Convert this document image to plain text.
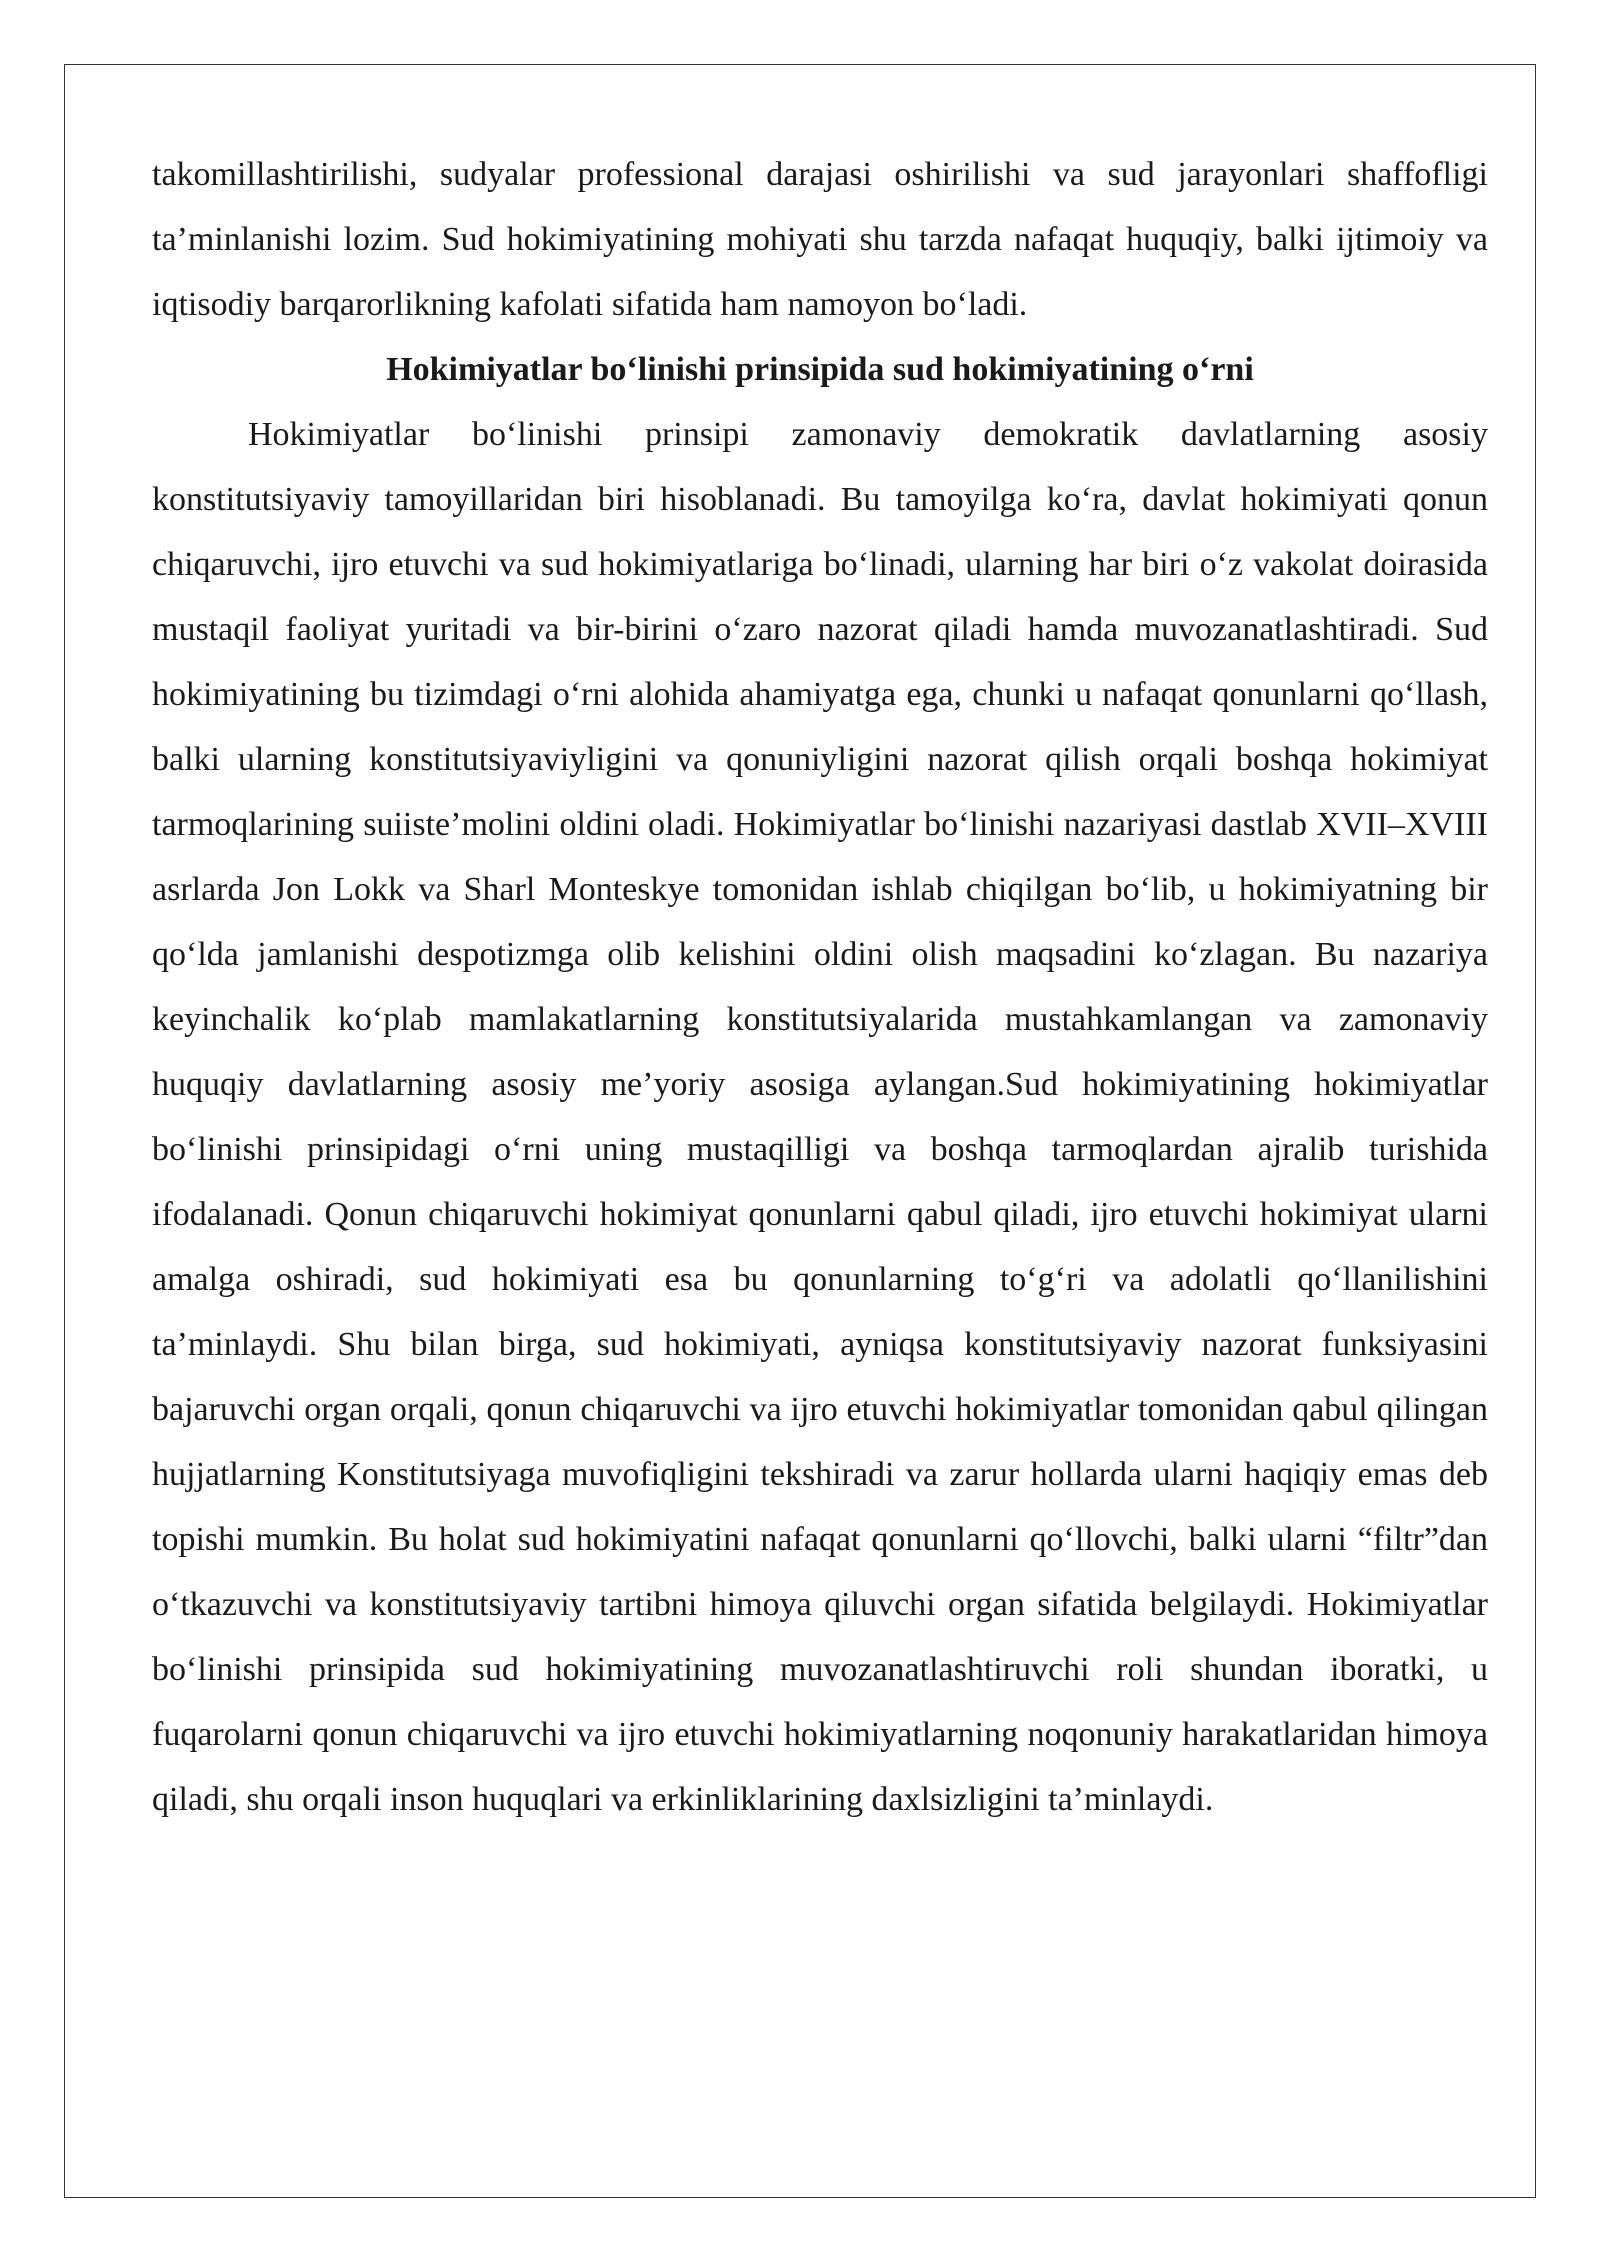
takomillashtirilishi, sudyalar professional darajasi oshirilishi va sud jarayonlari shaffofligi ta’minlanishi lozim. Sud hokimiyatining mohiyati shu tarzda nafaqat huquqiy, balki ijtimoiy va iqtisodiy barqarorlikning kafolati sifatida ham namoyon bo‘ladi.

Hokimiyatlar bo‘linishi prinsipida sud hokimiyatining o‘rni

Hokimiyatlar bo‘linishi prinsipi zamonaviy demokratik davlatlarning asosiy konstitutsiyaviy tamoyillaridan biri hisoblanadi. Bu tamoyilga ko‘ra, davlat hokimiyati qonun chiqaruvchi, ijro etuvchi va sud hokimiyatlariga bo‘linadi, ularning har biri o‘z vakolat doirasida mustaqil faoliyat yuritadi va bir-birini o‘zaro nazorat qiladi hamda muvozanatlashtiradi. Sud hokimiyatining bu tizimdagi o‘rni alohida ahamiyatga ega, chunki u nafaqat qonunlarni qo‘llash, balki ularning konstitutsiyaviyligini va qonuniyligini nazorat qilish orqali boshqa hokimiyat tarmoqlarining suiiste’molini oldini oladi. Hokimiyatlar bo‘linishi nazariyasi dastlab XVII–XVIII asrlarda Jon Lokk va Sharl Monteskye tomonidan ishlab chiqilgan bo‘lib, u hokimiyatning bir qo‘lda jamlanishi despotizmga olib kelishini oldini olish maqsadini ko‘zlagan. Bu nazariya keyinchalik ko‘plab mamlakatlarning konstitutsiyalarida mustahkamlangan va zamonaviy huquqiy davlatlarning asosiy me’yoriy asosiga aylangan.Sud hokimiyatining hokimiyatlar bo‘linishi prinsipidagi o‘rni uning mustaqilligi va boshqa tarmoqlardan ajralib turishida ifodalanadi. Qonun chiqaruvchi hokimiyat qonunlarni qabul qiladi, ijro etuvchi hokimiyat ularni amalga oshiradi, sud hokimiyati esa bu qonunlarning to‘g‘ri va adolatli qo‘llanilishini ta’minlaydi. Shu bilan birga, sud hokimiyati, ayniqsa konstitutsiyaviy nazorat funksiyasini bajaruvchi organ orqali, qonun chiqaruvchi va ijro etuvchi hokimiyatlar tomonidan qabul qilingan hujjatlarning Konstitutsiyaga muvofiqligini tekshiradi va zarur hollarda ularni haqiqiy emas deb topishi mumkin. Bu holat sud hokimiyatini nafaqat qonunlarni qo‘llovchi, balki ularni “filtr”dan o‘tkazuvchi va konstitutsiyaviy tartibni himoya qiluvchi organ sifatida belgilaydi. Hokimiyatlar bo‘linishi prinsipida sud hokimiyatining muvozanatlashtiruvchi roli shundan iboratki, u fuqarolarni qonun chiqaruvchi va ijro etuvchi hokimiyatlarning noqonuniy harakatlaridan himoya qiladi, shu orqali inson huquqlari va erkinliklarining daxlsizligini ta’minlaydi.
